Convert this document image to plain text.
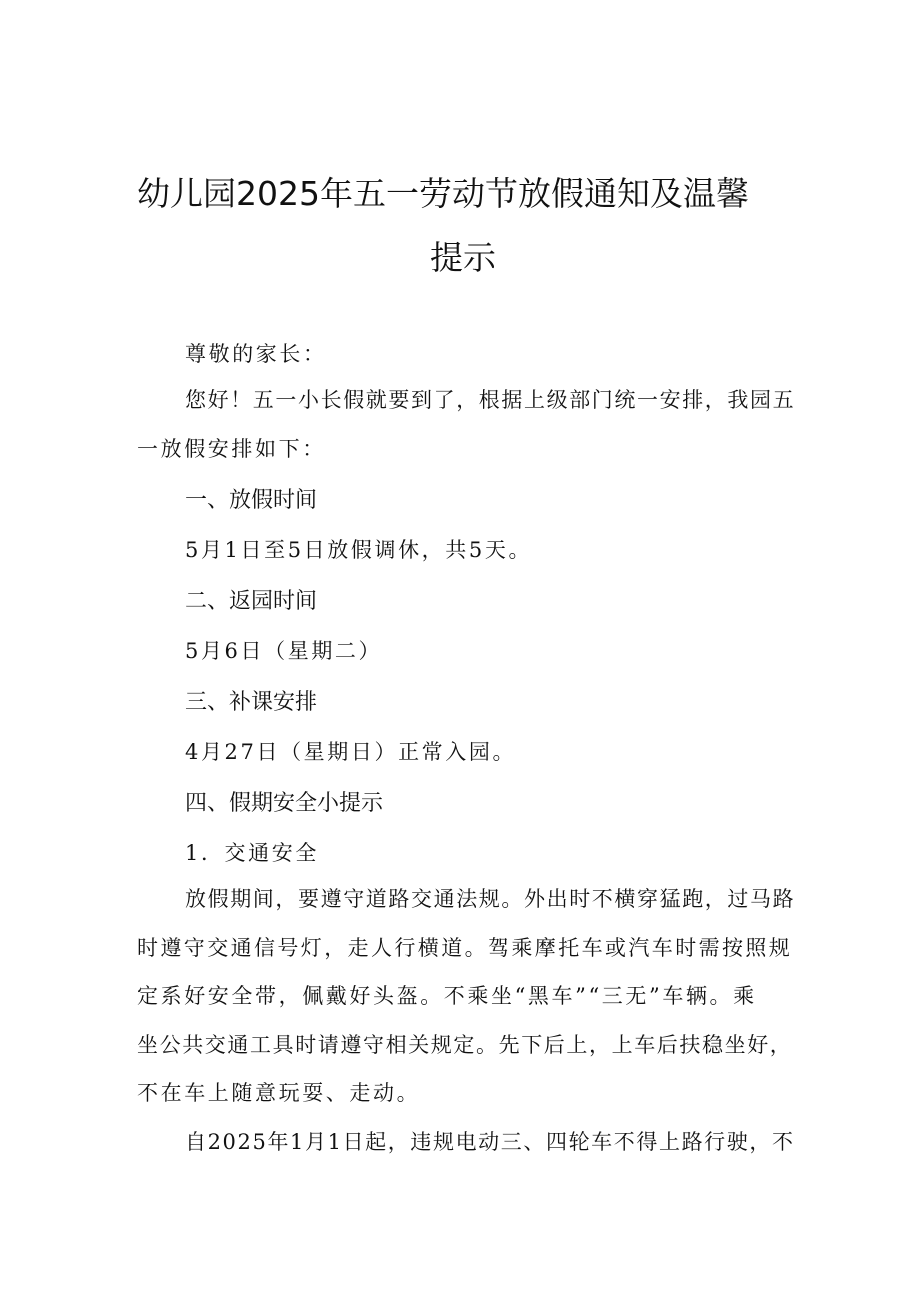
幼儿园2025年五一劳动节放假通知及温馨
提示
尊敬的家长：
您好！五一小长假就要到了，根据上级部门统一安排，我园五
一放假安排如下：
一、放假时间
5月1日至5日放假调休，共5天。
二、返园时间
5月6日（星期二）
三、补课安排
4月27日（星期日）正常入园。
四、假期安全小提示
1．交通安全
放假期间，要遵守道路交通法规。外出时不横穿猛跑，过马路
时遵守交通信号灯，走人行横道。驾乘摩托车或汽车时需按照规
定系好安全带，佩戴好头盔。不乘坐“黑车”“三无”车辆。乘
坐公共交通工具时请遵守相关规定。先下后上，上车后扶稳坐好，
不在车上随意玩耍、走动。
自2025年1月1日起，违规电动三、四轮车不得上路行驶，不
